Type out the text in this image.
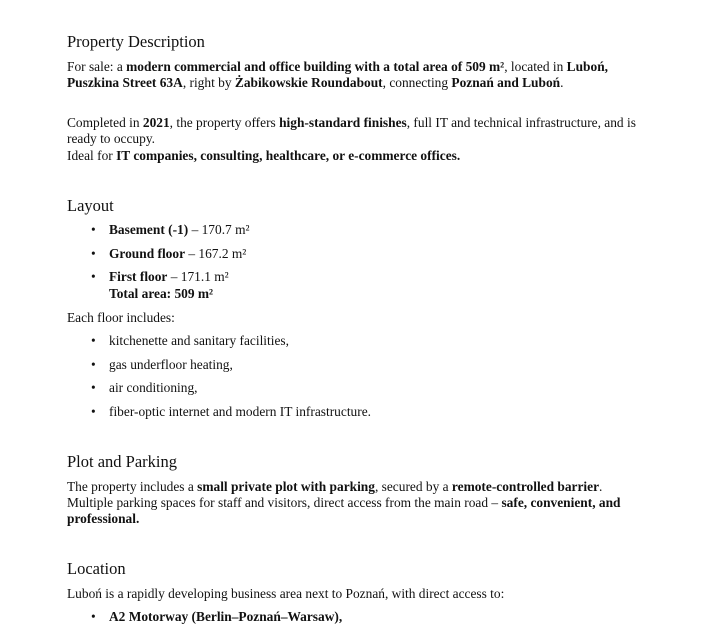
Property Description

For sale: a modern commercial and office building with a total area of 509 m², located in Luboń, Puszkina Street 63A, right by Żabikowskie Roundabout, connecting Poznań and Luboń.

Completed in 2021, the property offers high-standard finishes, full IT and technical infrastructure, and is ready to occupy.

Ideal for IT companies, consulting, healthcare, or e-commerce offices.

Layout
• Basement (-1) – 170.7 m²
• Ground floor – 167.2 m²
• First floor – 171.1 m²
Total area: 509 m²

Each floor includes:

• kitchenette and sanitary facilities,
• gas underfloor heating,
• air conditioning,
• fiber-optic internet and modern IT infrastructure.
Plot and Parking

The property includes a small private plot with parking, secured by a remote-controlled barrier. Multiple parking spaces for staff and visitors, direct access from the main road – safe, convenient, and professional.

Location

Luboń is a rapidly developing business area next to Poznań, with direct access to:

• A2 Motorway (Berlin–Poznań–Warsaw),
